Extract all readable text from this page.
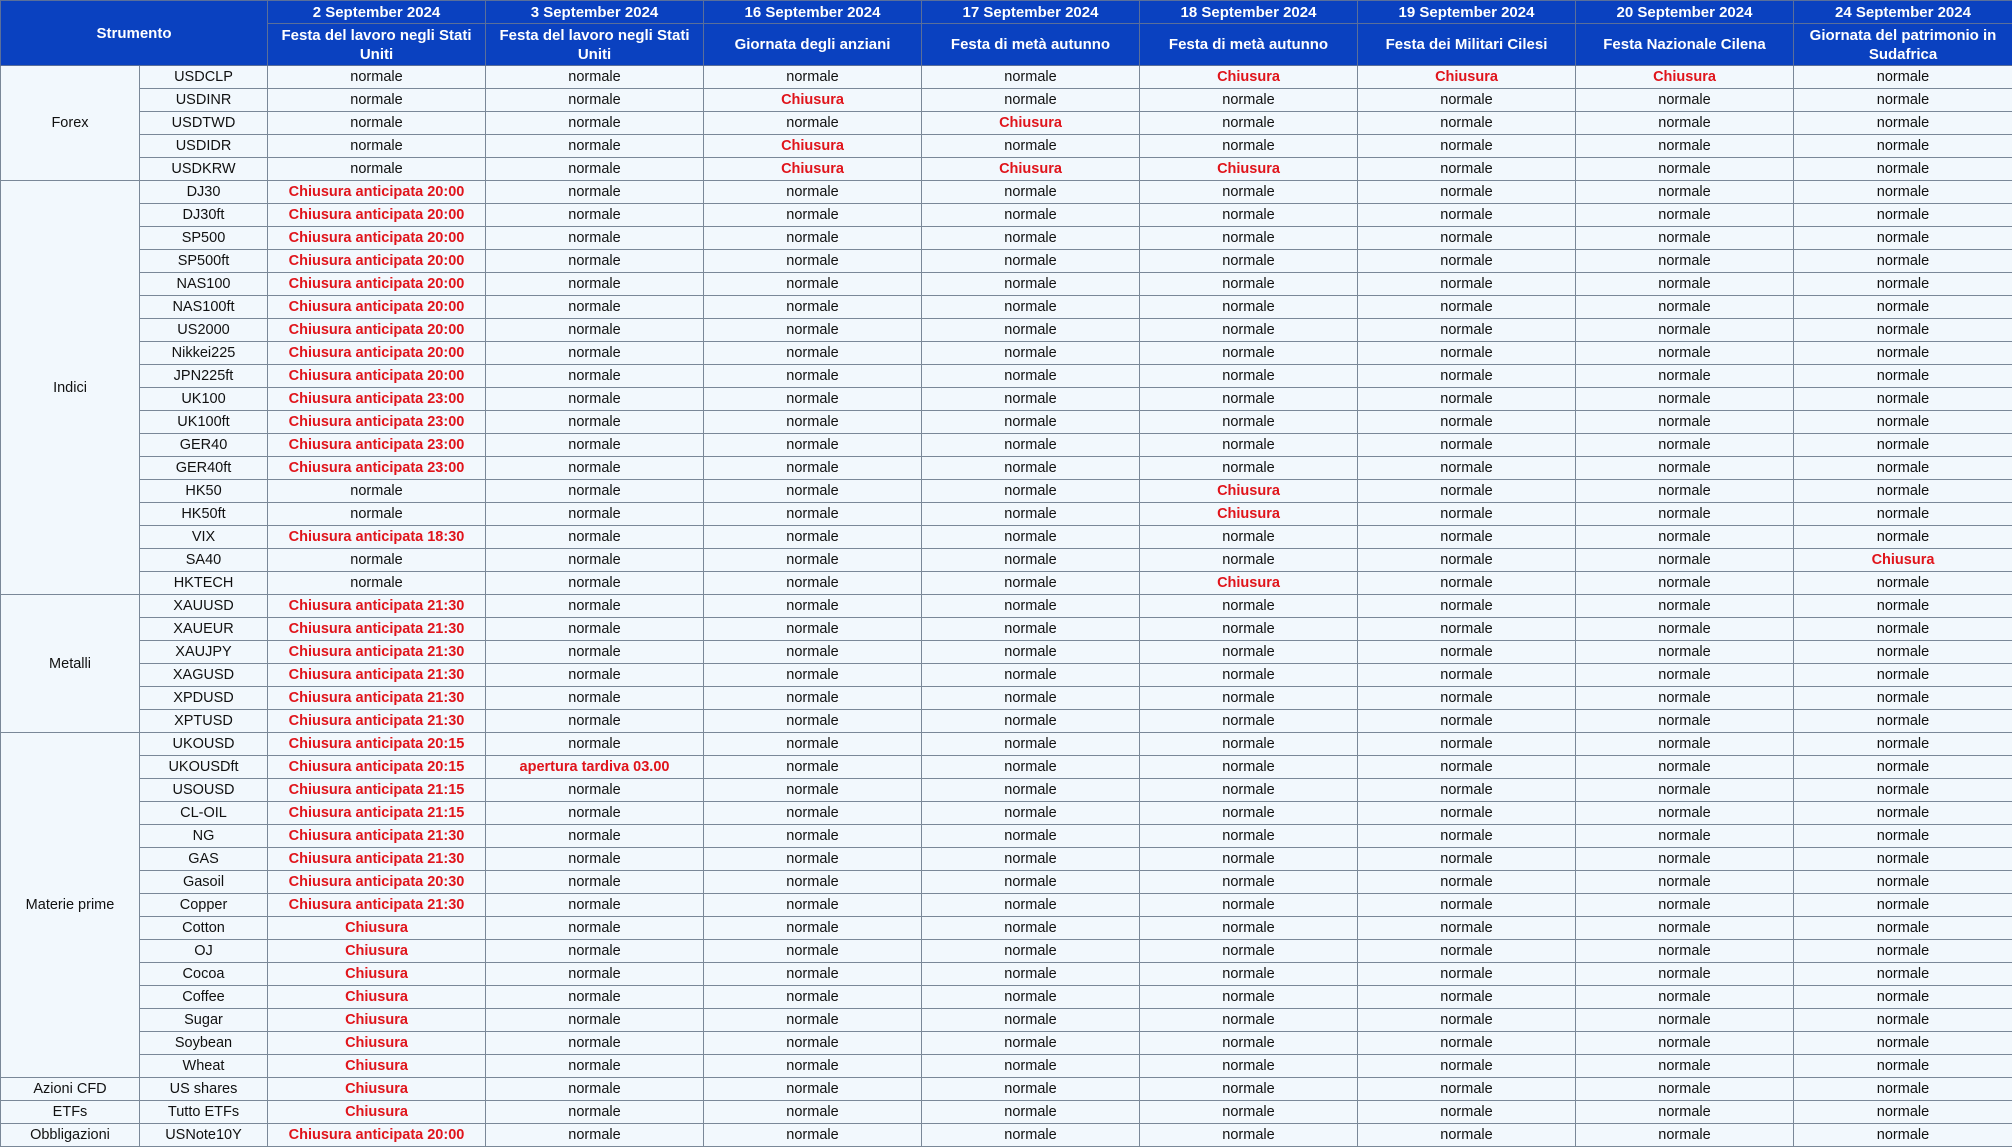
Strumento		2 September 2024	3 September 2024	16 September 2024	17 September 2024	18 September 2024	19 September 2024	20 September 2024	24 September 2024
		Festa del lavoro negli Stati Uniti	Festa del lavoro negli Stati Uniti	Giornata degli anziani	Festa di metà autunno	Festa di metà autunno	Festa dei Militari Cilesi	Festa Nazionale Cilena	Giornata del patrimonio in Sudafrica
Forex	USDCLP	normale	normale	normale	normale	Chiusura	Chiusura	Chiusura	normale
	USDINR	normale	normale	Chiusura	normale	normale	normale	normale	normale
	USDTWD	normale	normale	normale	Chiusura	normale	normale	normale	normale
	USDIDR	normale	normale	Chiusura	normale	normale	normale	normale	normale
	USDKRW	normale	normale	Chiusura	Chiusura	Chiusura	normale	normale	normale
Indici	DJ30	Chiusura anticipata 20:00	normale	normale	normale	normale	normale	normale	normale
	DJ30ft	Chiusura anticipata 20:00	normale	normale	normale	normale	normale	normale	normale
	SP500	Chiusura anticipata 20:00	normale	normale	normale	normale	normale	normale	normale
	SP500ft	Chiusura anticipata 20:00	normale	normale	normale	normale	normale	normale	normale
	NAS100	Chiusura anticipata 20:00	normale	normale	normale	normale	normale	normale	normale
	NAS100ft	Chiusura anticipata 20:00	normale	normale	normale	normale	normale	normale	normale
	US2000	Chiusura anticipata 20:00	normale	normale	normale	normale	normale	normale	normale
	Nikkei225	Chiusura anticipata 20:00	normale	normale	normale	normale	normale	normale	normale
	JPN225ft	Chiusura anticipata 20:00	normale	normale	normale	normale	normale	normale	normale
	UK100	Chiusura anticipata 23:00	normale	normale	normale	normale	normale	normale	normale
	UK100ft	Chiusura anticipata 23:00	normale	normale	normale	normale	normale	normale	normale
	GER40	Chiusura anticipata 23:00	normale	normale	normale	normale	normale	normale	normale
	GER40ft	Chiusura anticipata 23:00	normale	normale	normale	normale	normale	normale	normale
	HK50	normale	normale	normale	normale	Chiusura	normale	normale	normale
	HK50ft	normale	normale	normale	normale	Chiusura	normale	normale	normale
	VIX	Chiusura anticipata 18:30	normale	normale	normale	normale	normale	normale	normale
	SA40	normale	normale	normale	normale	normale	normale	normale	Chiusura
	HKTECH	normale	normale	normale	normale	Chiusura	normale	normale	normale
Metalli	XAUUSD	Chiusura anticipata 21:30	normale	normale	normale	normale	normale	normale	normale
	XAUEUR	Chiusura anticipata 21:30	normale	normale	normale	normale	normale	normale	normale
	XAUJPY	Chiusura anticipata 21:30	normale	normale	normale	normale	normale	normale	normale
	XAGUSD	Chiusura anticipata 21:30	normale	normale	normale	normale	normale	normale	normale
	XPDUSD	Chiusura anticipata 21:30	normale	normale	normale	normale	normale	normale	normale
	XPTUSD	Chiusura anticipata 21:30	normale	normale	normale	normale	normale	normale	normale
Materie prime	UKOUSD	Chiusura anticipata 20:15	normale	normale	normale	normale	normale	normale	normale
	UKOUSDft	Chiusura anticipata 20:15	apertura tardiva 03.00	normale	normale	normale	normale	normale	normale
	USOUSD	Chiusura anticipata 21:15	normale	normale	normale	normale	normale	normale	normale
	CL-OIL	Chiusura anticipata 21:15	normale	normale	normale	normale	normale	normale	normale
	NG	Chiusura anticipata 21:30	normale	normale	normale	normale	normale	normale	normale
	GAS	Chiusura anticipata 21:30	normale	normale	normale	normale	normale	normale	normale
	Gasoil	Chiusura anticipata 20:30	normale	normale	normale	normale	normale	normale	normale
	Copper	Chiusura anticipata 21:30	normale	normale	normale	normale	normale	normale	normale
	Cotton	Chiusura	normale	normale	normale	normale	normale	normale	normale
	OJ	Chiusura	normale	normale	normale	normale	normale	normale	normale
	Cocoa	Chiusura	normale	normale	normale	normale	normale	normale	normale
	Coffee	Chiusura	normale	normale	normale	normale	normale	normale	normale
	Sugar	Chiusura	normale	normale	normale	normale	normale	normale	normale
	Soybean	Chiusura	normale	normale	normale	normale	normale	normale	normale
	Wheat	Chiusura	normale	normale	normale	normale	normale	normale	normale
Azioni CFD	US shares	Chiusura	normale	normale	normale	normale	normale	normale	normale
ETFs	Tutto ETFs	Chiusura	normale	normale	normale	normale	normale	normale	normale
Obbligazioni	USNote10Y	Chiusura anticipata 20:00	normale	normale	normale	normale	normale	normale	normale
